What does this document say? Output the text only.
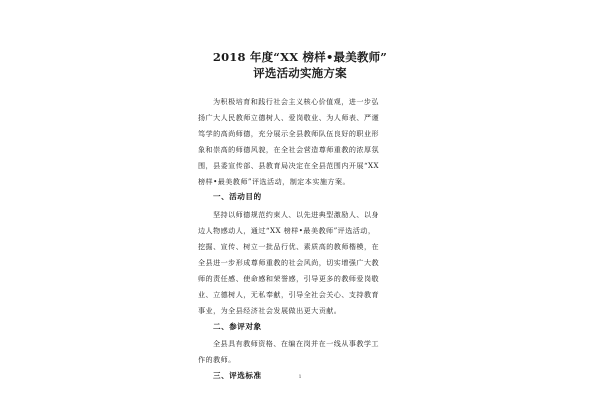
2018 年度“XX 榜样•最美教师”
评选活动实施方案
为积极培育和践行社会主义核心价值观，进一步弘
扬广大人民教师立德树人、爱岗敬业、为人师表、严谨
笃学的高尚师德，充分展示全县教师队伍良好的职业形
象和崇高的师德风貌，在全社会营造尊师重教的浓厚氛
围，县委宣传部、县教育局决定在全县范围内开展“XX
榜样•最美教师”评选活动，制定本实施方案。
一、活动目的
坚持以师德规范约束人、以先进典型激励人、以身
边人物感动人，通过“XX 榜样•最美教师”评选活动，
挖掘、宣传、树立一批品行优、素质高的教师楷模，在
全县进一步形成尊师重教的社会风尚，切实增强广大教
师的责任感、使命感和荣誉感，引导更多的教师爱岗敬
业、立德树人，无私奉献，引导全社会关心、支持教育
事业，为全县经济社会发展做出更大贡献。
二、参评对象
全县具有教师资格、在编在岗并在一线从事教学工
作的教师。
三、评选标准	1
